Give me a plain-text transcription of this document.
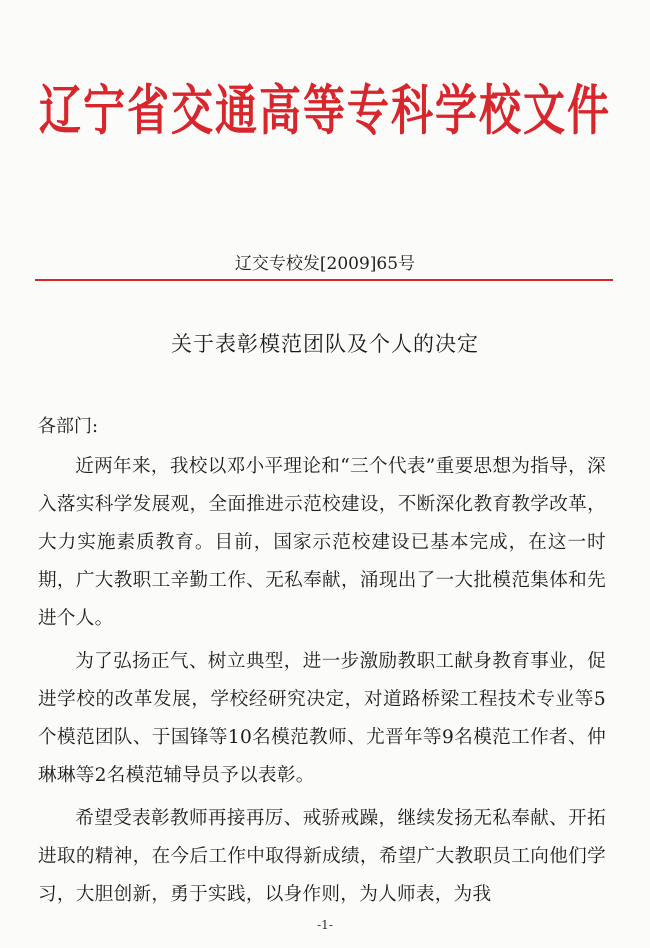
辽宁省交通高等专科学校文件
辽交专校发[2009]65号
关于表彰模范团队及个人的决定
各部门:

近两年来，我校以邓小平理论和“三个代表”重要思想为指导，深入落实科学发展观，全面推进示范校建设，不断深化教育教学改革，大力实施素质教育。目前，国家示范校建设已基本完成，在这一时期，广大教职工辛勤工作、无私奉献，涌现出了一大批模范集体和先进个人。

为了弘扬正气、树立典型，进一步激励教职工献身教育事业，促进学校的改革发展，学校经研究决定，对道路桥梁工程技术专业等5个模范团队、于国锋等10名模范教师、尤晋年等9名模范工作者、仲琳琳等2名模范辅导员予以表彰。

希望受表彰教师再接再厉、戒骄戒躁，继续发扬无私奉献、开拓进取的精神，在今后工作中取得新成绩，希望广大教职员工向他们学习，大胆创新，勇于实践，以身作则，为人师表，为我

-1-
